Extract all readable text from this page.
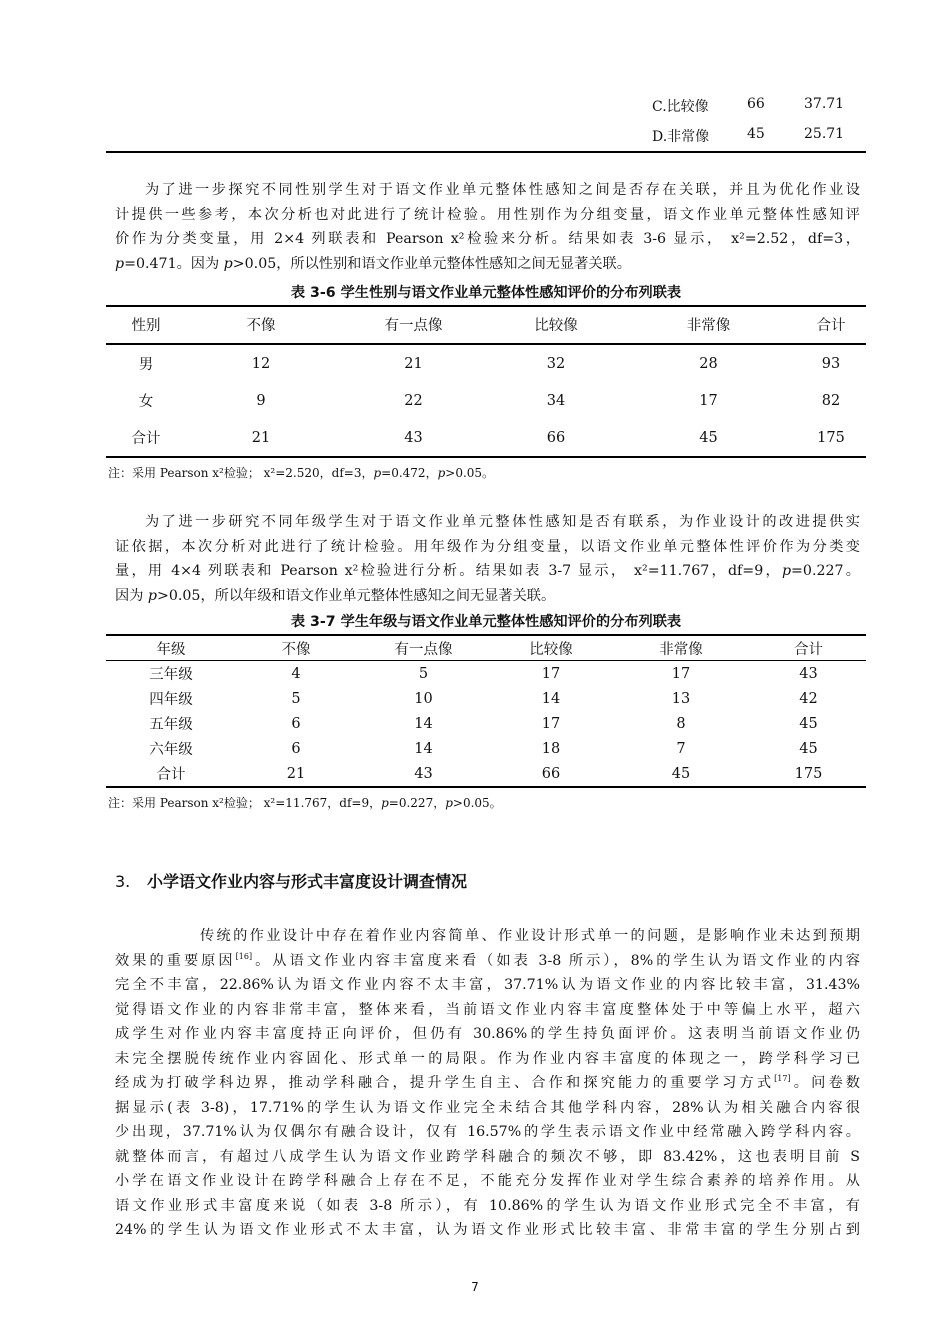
C.比较像	66	37.71
D.非常像	45	25.71
为了进一步探究不同性别学生对于语文作业单元整体性感知之间是否存在关联，并且为优化作业设
计提供一些参考，本次分析也对此进行了统计检验。用性别作为分组变量，语文作业单元整体性感知评
价作为分类变量，用 2×4 列联表和 Pearson x²检验来分析。结果如表 3-6 显示， x²=2.52，df=3，
p=0.471。因为 p>0.05，所以性别和语文作业单元整体性感知之间无显著关联。
表 3-6 学生性别与语文作业单元整体性感知评价的分布列联表
性别	不像	有一点像	比较像	非常像	合计

男	12	21	32	28	93
女	9	22	34	17	82
合计	21	43	66	45	175
注：采用 Pearson x²检验； x²=2.520，df=3，p=0.472，p>0.05。
为了进一步研究不同年级学生对于语文作业单元整体性感知是否有联系，为作业设计的改进提供实
证依据，本次分析对此进行了统计检验。用年级作为分组变量，以语文作业单元整体性评价作为分类变
量，用 4×4 列联表和 Pearson x²检验进行分析。结果如表 3-7 显示， x²=11.767，df=9，p=0.227。
因为 p>0.05，所以年级和语文作业单元整体性感知之间无显著关联。
表 3-7 学生年级与语文作业单元整体性感知评价的分布列联表
年级	不像	有一点像	比较像	非常像	合计

三年级	4	5	17	17	43
四年级	5	10	14	13	42
五年级	6	14	17	8	45
六年级	6	14	18	7	45
合计	21	43	66	45	175
注：采用 Pearson x²检验； x²=11.767，df=9，p=0.227，p>0.05。
3. 小学语文作业内容与形式丰富度设计调查情况
传统的作业设计中存在着作业内容简单、作业设计形式单一的问题，是影响作业未达到预期
效果的重要原因[16]。从语文作业内容丰富度来看（如表 3-8 所示），8%的学生认为语文作业的内容
完全不丰富，22.86%认为语文作业内容不太丰富，37.71%认为语文作业的内容比较丰富，31.43%
觉得语文作业的内容非常丰富，整体来看，当前语文作业内容丰富度整体处于中等偏上水平，超六
成学生对作业内容丰富度持正向评价，但仍有 30.86%的学生持负面评价。这表明当前语文作业仍
未完全摆脱传统作业内容固化、形式单一的局限。作为作业内容丰富度的体现之一，跨学科学习已
经成为打破学科边界，推动学科融合，提升学生自主、合作和探究能力的重要学习方式[17]。问卷数
据显示(表 3-8)，17.71%的学生认为语文作业完全未结合其他学科内容，28%认为相关融合内容很
少出现，37.71%认为仅偶尔有融合设计，仅有 16.57%的学生表示语文作业中经常融入跨学科内容。
就整体而言，有超过八成学生认为语文作业跨学科融合的频次不够，即 83.42%，这也表明目前 S
小学在语文作业设计在跨学科融合上存在不足，不能充分发挥作业对学生综合素养的培养作用。从
语文作业形式丰富度来说（如表 3-8 所示），有 10.86%的学生认为语文作业形式完全不丰富，有
24%的学生认为语文作业形式不太丰富，认为语文作业形式比较丰富、非常丰富的学生分别占到
7
